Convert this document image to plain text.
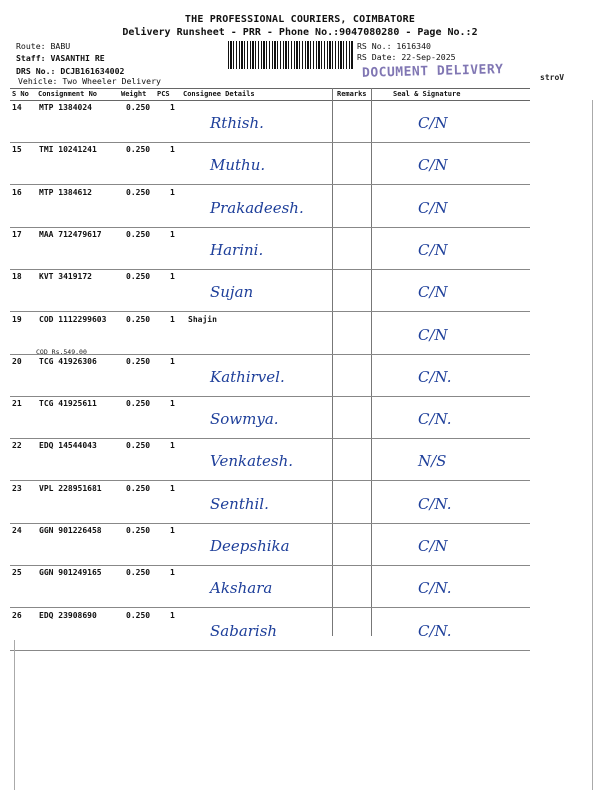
THE PROFESSIONAL COURIERS, COIMBATORE
Delivery Runsheet - PRR - Phone No.:9047080280 - Page No.:2
Route: BABU
Staff: VASANTHI RE
DRS No.: DCJB161634002
Vehicle: Two Wheeler Delivery
RS No.: 1616340
RS Date: 22-Sep-2025
DOCUMENT DELIVERY	stroV
S No Consignment No	Weight PCS Consignee Details	Remarks	Seal & Signature
14 MTP 1384024	0.250 1
Rthish.	C/N
15 TMI 10241241	0.250 1
Muthu.	C/N
16 MTP 1384612	0.250 1
Prakadeesh.	C/N
17 MAA 712479617	0.250 1
Harini.	C/N
18 KVT 3419172	0.250 1
Sujan	C/N
19 COD 1112299603 0.250 1 Shajin
C/N
COD Rs.549.00
20 TCG 41926306	0.250 1
Kathirvel.	C/N.
21 TCG 41925611	0.250 1
Sowmya.	C/N.
22 EDQ 14544043	0.250 1
Venkatesh.	N/S
23 VPL 228951681	0.250 1
Senthil.	C/N.
24 GGN 901226458	0.250 1
Deepshika	C/N
25 GGN 901249165	0.250 1
Akshara	C/N.
26 EDQ 23908690	0.250 1
Sabarish	C/N.
